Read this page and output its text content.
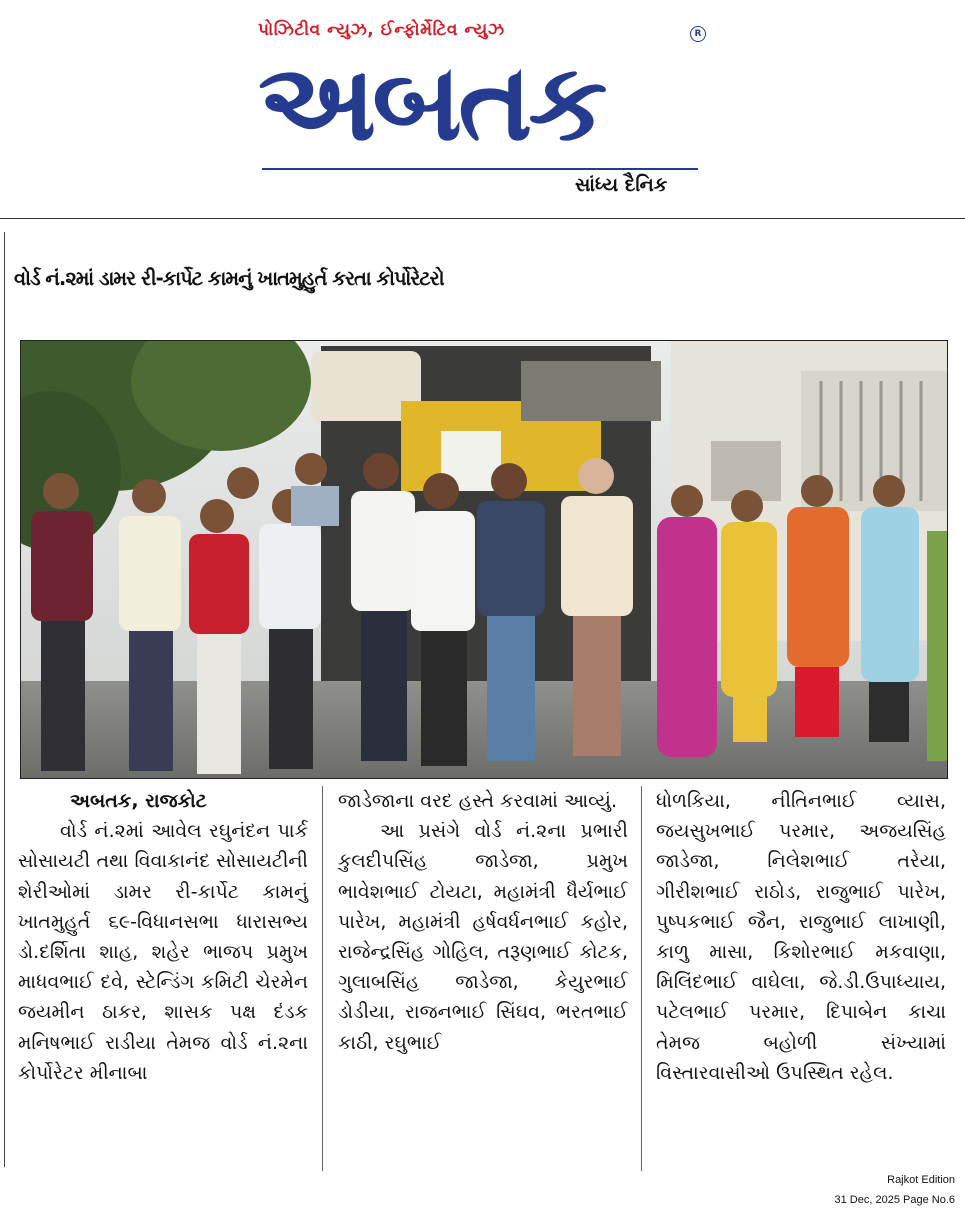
પોઝિટીવ ન્યુઝ, ઈન્ફોર્મેટિવ ન્યુઝ
અબતક
R
સાંધ્ય દૈનિક
વોર્ડ નં.૨માં ડામર રી-કાર્પેટ કામનું ખાતમુહુર્ત કરતા કોર્પોરેટરો
અબતક, રાજકોટ

વોર્ડ નં.૨માં આવેલ રઘુનંદન પાર્ક સોસાયટી તથા વિવાકાનંદ સોસાયટીની શેરીઓમાં ડામર રી-કાર્પેટ કામનું ખાતમુહુર્ત ૬૯-વિધાનસભા ધારાસભ્ય ડો.દર્શિતા શાહ, શહેર ભાજપ પ્રમુખ માધવભાઈ દવે, સ્ટેન્ડિંગ કમિટી ચેરમેન જયમીન ઠાકર, શાસક પક્ષ દંડક મનિષભાઈ રાડીયા તેમજ વોર્ડ નં.૨ના કોર્પોરેટર મીનાબા

જાડેજાના વરદ હસ્તે કરવામાં આવ્યું.

આ પ્રસંગે વોર્ડ નં.૨ના પ્રભારી કુલદીપસિંહ જાડેજા, પ્રમુખ ભાવેશભાઈ ટોયટા, મહામંત્રી ધૈર્યભાઈ પારેખ, મહામંત્રી હર્ષવર્ધનભાઈ કહોર, રાજેન્દ્રસિંહ ગોહિલ, તરૂણભાઈ કોટક, ગુલાબસિંહ જાડેજા, કેયુરભાઈ ડોડીયા, રાજનભાઈ સિંઘવ, ભરતભાઈ કાઠી, રઘુભાઈ

ધોળકિયા, નીતિનભાઈ વ્યાસ, જયસુખભાઈ પરમાર, અજયસિંહ જાડેજા, નિલેશભાઈ તરેયા, ગીરીશભાઈ રાઠોડ, રાજુભાઈ પારેખ, પુષ્પકભાઈ જૈન, રાજુભાઈ લાખાણી, કાળુ માસા, કિશોરભાઈ મકવાણા, મિલિંદભાઈ વાઘેલા, જે.ડી.ઉપાધ્યાય, પટેલભાઈ પરમાર, દિપાબેન કાચા તેમજ બહોળી સંખ્યામાં વિસ્તારવાસીઓ ઉપસ્થિત રહેલ.

Rajkot Edition
31 Dec, 2025 Page No.6
